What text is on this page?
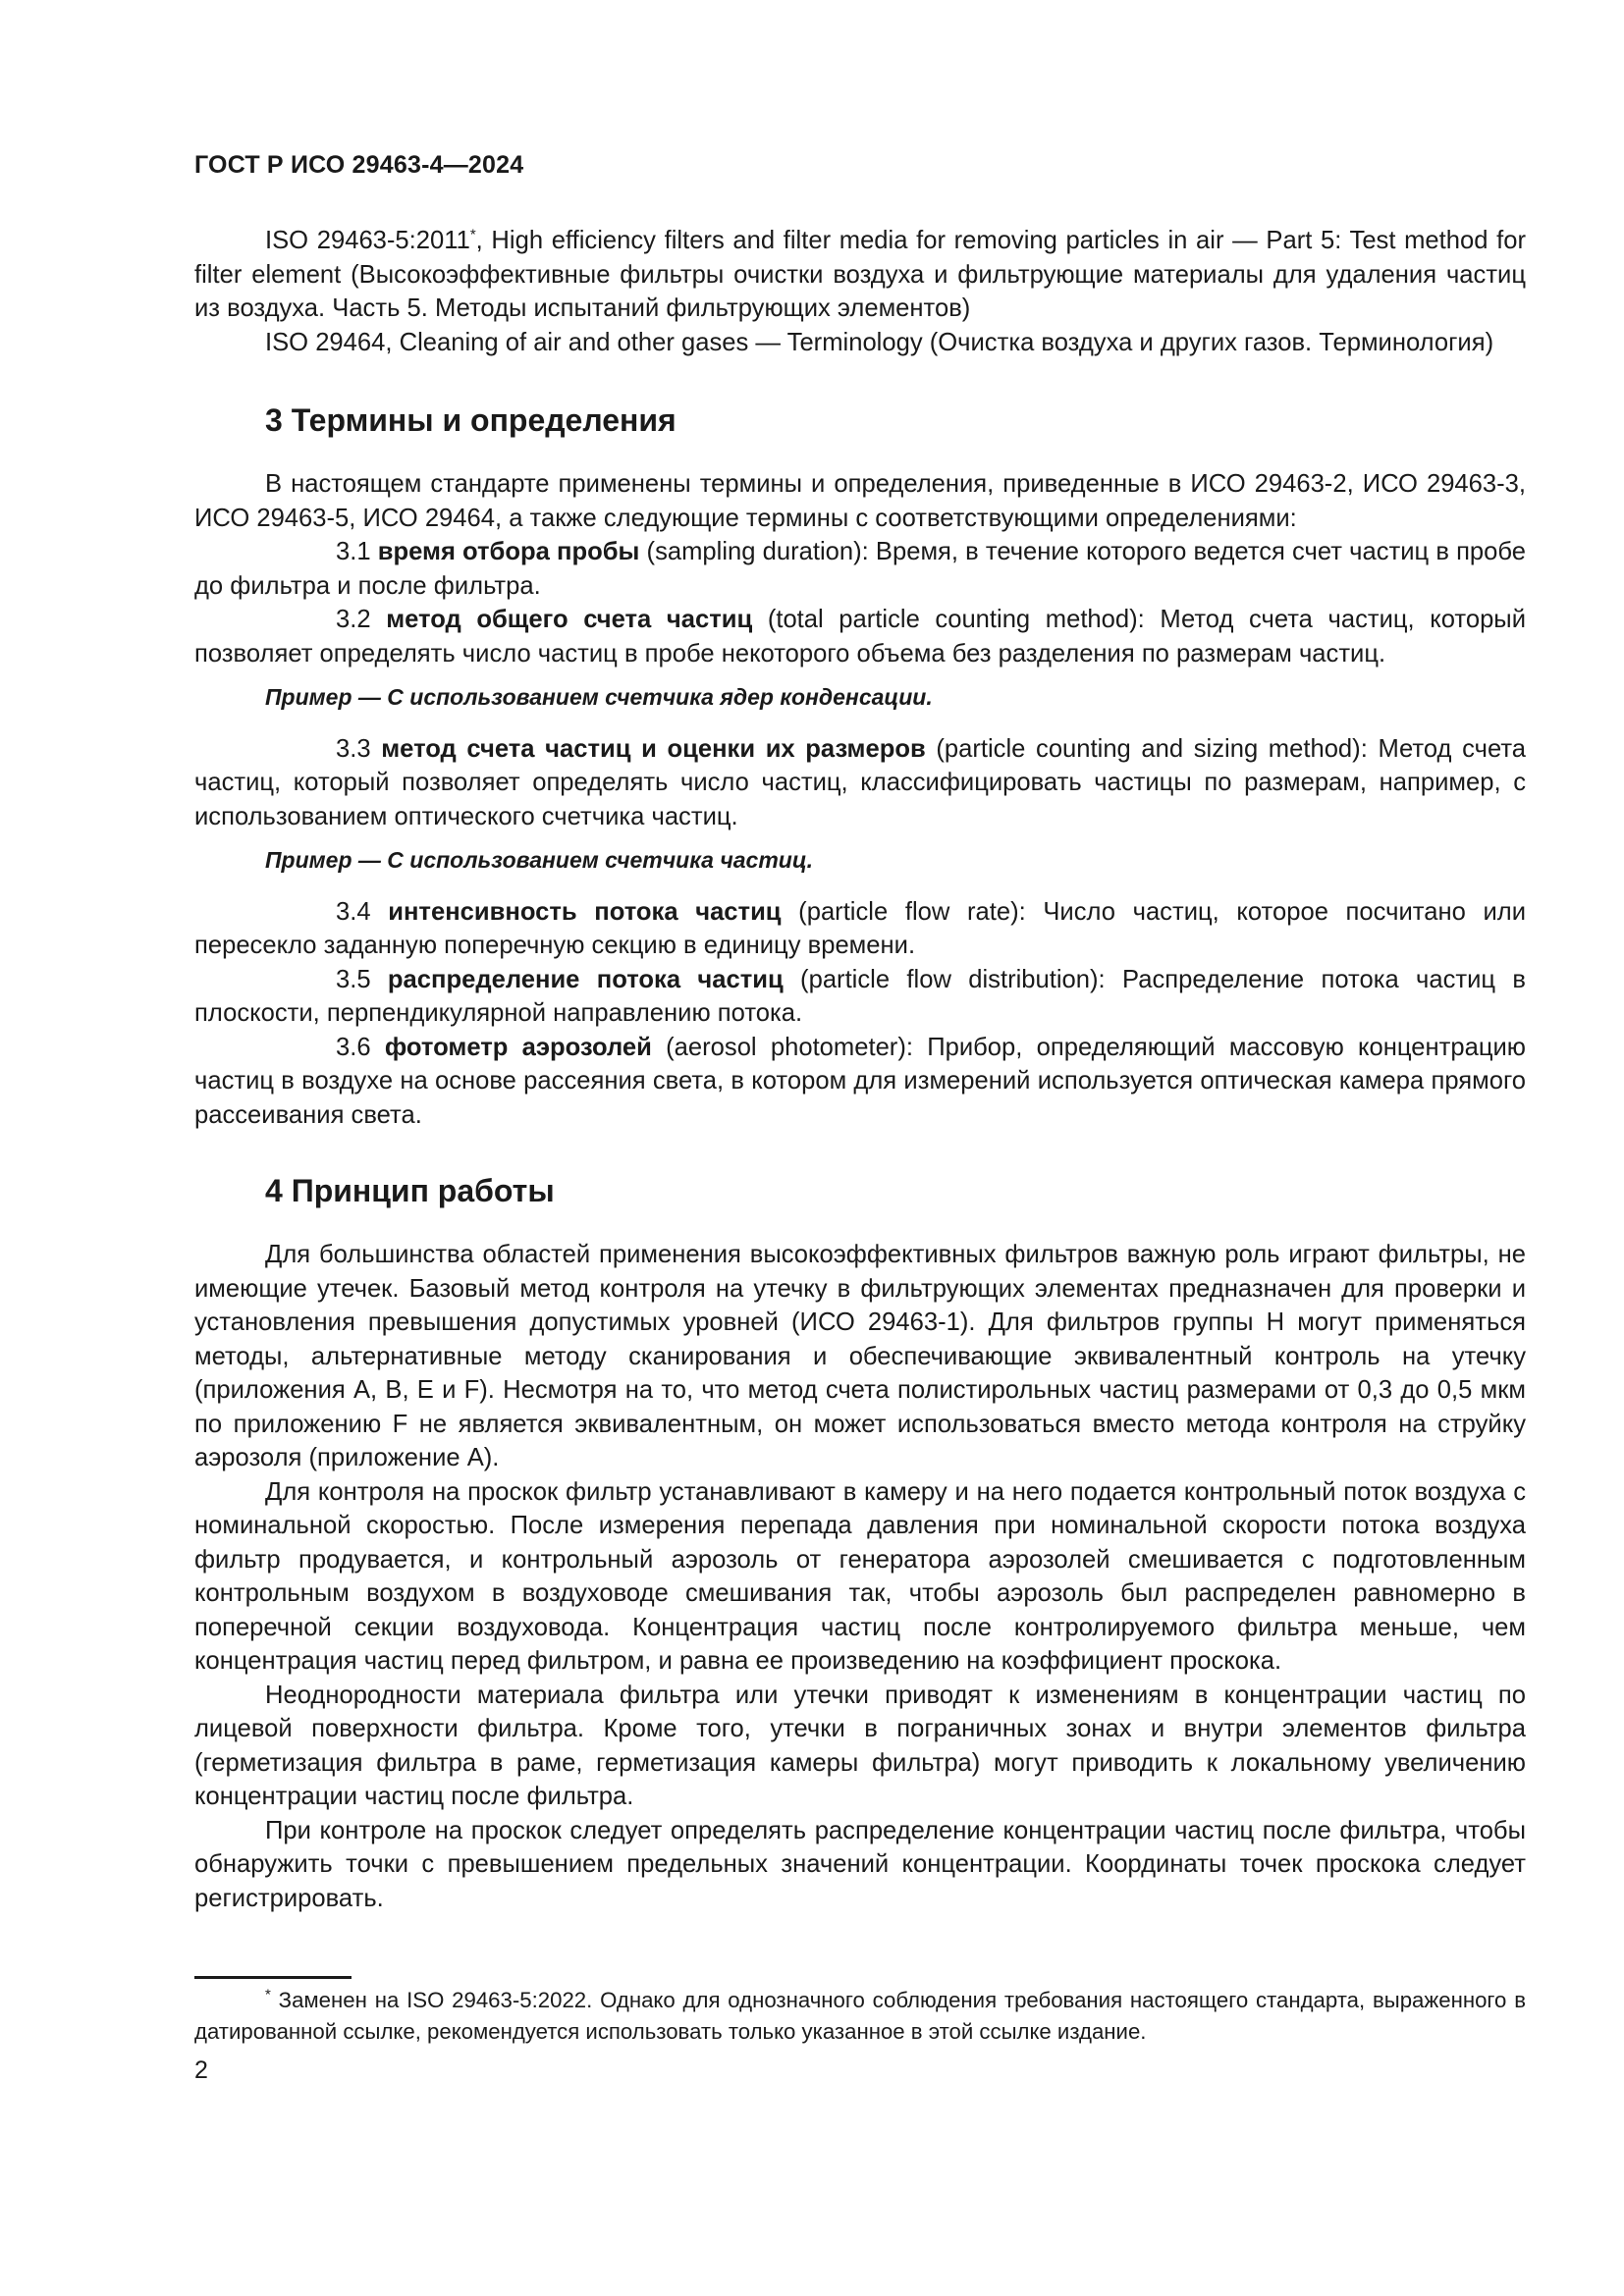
ГОСТ Р ИСО 29463-4—2024

ISO 29463-5:2011*, High efficiency filters and filter media for removing particles in air — Part 5: Test method for filter element (Высокоэффективные фильтры очистки воздуха и фильтрующие материалы для удаления частиц из воздуха. Часть 5. Методы испытаний фильтрующих элементов)

ISO 29464, Cleaning of air and other gases — Terminology (Очистка воздуха и других газов. Терминология)

3 Термины и определения

В настоящем стандарте применены термины и определения, приведенные в ИСО 29463-2, ИСО 29463-3, ИСО 29463-5, ИСО 29464, а также следующие термины с соответствующими определениями:

3.1 время отбора пробы (sampling duration): Время, в течение которого ведется счет частиц в пробе до фильтра и после фильтра.

3.2 метод общего счета частиц (total particle counting method): Метод счета частиц, который позволяет определять число частиц в пробе некоторого объема без разделения по размерам частиц.

Пример — С использованием счетчика ядер конденсации.

3.3 метод счета частиц и оценки их размеров (particle counting and sizing method): Метод счета частиц, который позволяет определять число частиц, классифицировать частицы по размерам, например, с использованием оптического счетчика частиц.

Пример — С использованием счетчика частиц.

3.4 интенсивность потока частиц (particle flow rate): Число частиц, которое посчитано или пересекло заданную поперечную секцию в единицу времени.

3.5 распределение потока частиц (particle flow distribution): Распределение потока частиц в плоскости, перпендикулярной направлению потока.

3.6 фотометр аэрозолей (aerosol photometer): Прибор, определяющий массовую концентрацию частиц в воздухе на основе рассеяния света, в котором для измерений используется оптическая камера прямого рассеивания света.

4 Принцип работы

Для большинства областей применения высокоэффективных фильтров важную роль играют фильтры, не имеющие утечек. Базовый метод контроля на утечку в фильтрующих элементах предназначен для проверки и установления превышения допустимых уровней (ИСО 29463-1). Для фильтров группы H могут применяться методы, альтернативные методу сканирования и обеспечивающие эквивалентный контроль на утечку (приложения A, B, E и F). Несмотря на то, что метод счета полистирольных частиц размерами от 0,3 до 0,5 мкм по приложению F не является эквивалентным, он может использоваться вместо метода контроля на струйку аэрозоля (приложение A).

Для контроля на проскок фильтр устанавливают в камеру и на него подается контрольный поток воздуха с номинальной скоростью. После измерения перепада давления при номинальной скорости потока воздуха фильтр продувается, и контрольный аэрозоль от генератора аэрозолей смешивается с подготовленным контрольным воздухом в воздуховоде смешивания так, чтобы аэрозоль был распределен равномерно в поперечной секции воздуховода. Концентрация частиц после контролируемого фильтра меньше, чем концентрация частиц перед фильтром, и равна ее произведению на коэффициент проскока.

Неоднородности материала фильтра или утечки приводят к изменениям в концентрации частиц по лицевой поверхности фильтра. Кроме того, утечки в пограничных зонах и внутри элементов фильтра (герметизация фильтра в раме, герметизация камеры фильтра) могут приводить к локальному увеличению концентрации частиц после фильтра.

При контроле на проскок следует определять распределение концентрации частиц после фильтра, чтобы обнаружить точки с превышением предельных значений концентрации. Координаты точек проскока следует регистрировать.

* Заменен на ISO 29463-5:2022. Однако для однозначного соблюдения требования настоящего стандарта, выраженного в датированной ссылке, рекомендуется использовать только указанное в этой ссылке издание.
2
